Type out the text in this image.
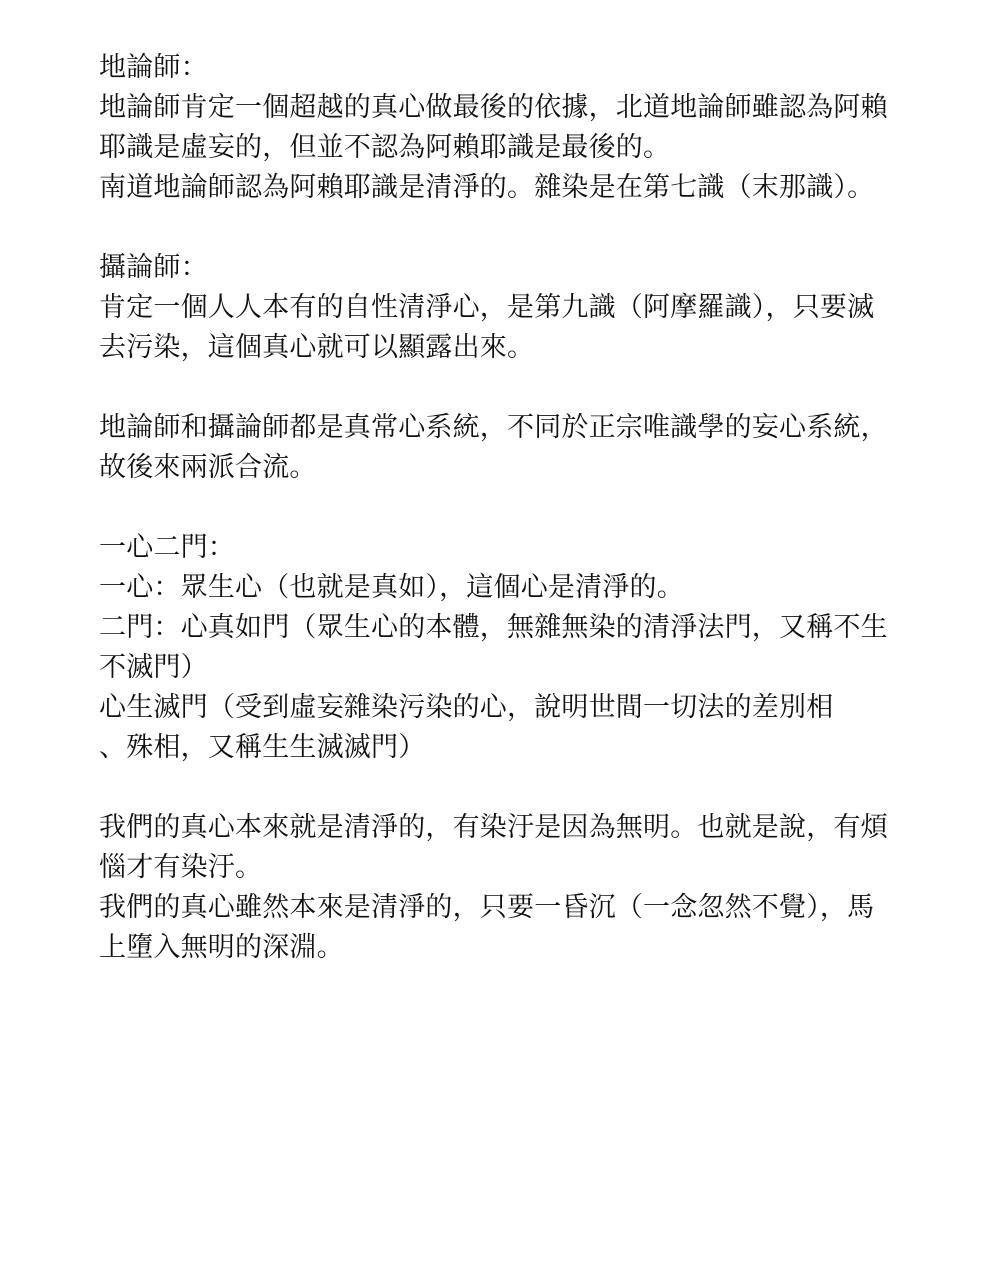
地論師：
地論師肯定一個超越的真心做最後的依據，北道地論師雖認為阿賴
耶識是虛妄的，但並不認為阿賴耶識是最後的。
南道地論師認為阿賴耶識是清淨的。雜染是在第七識（末那識）。
攝論師：
肯定一個人人本有的自性清淨心，是第九識（阿摩羅識），只要滅
去污染，這個真心就可以顯露出來。
地論師和攝論師都是真常心系統，不同於正宗唯識學的妄心系統，
故後來兩派合流。
一心二門：
一心：眾生心（也就是真如），這個心是清淨的。
二門：心真如門（眾生心的本體，無雜無染的清淨法門，又稱不生
不滅門）
心生滅門（受到虛妄雜染污染的心，說明世間一切法的差別相
、殊相，又稱生生滅滅門）
我們的真心本來就是清淨的，有染汙是因為無明。也就是說，有煩
惱才有染汙。
我們的真心雖然本來是清淨的，只要一昏沉（一念忽然不覺），馬
上墮入無明的深淵。
